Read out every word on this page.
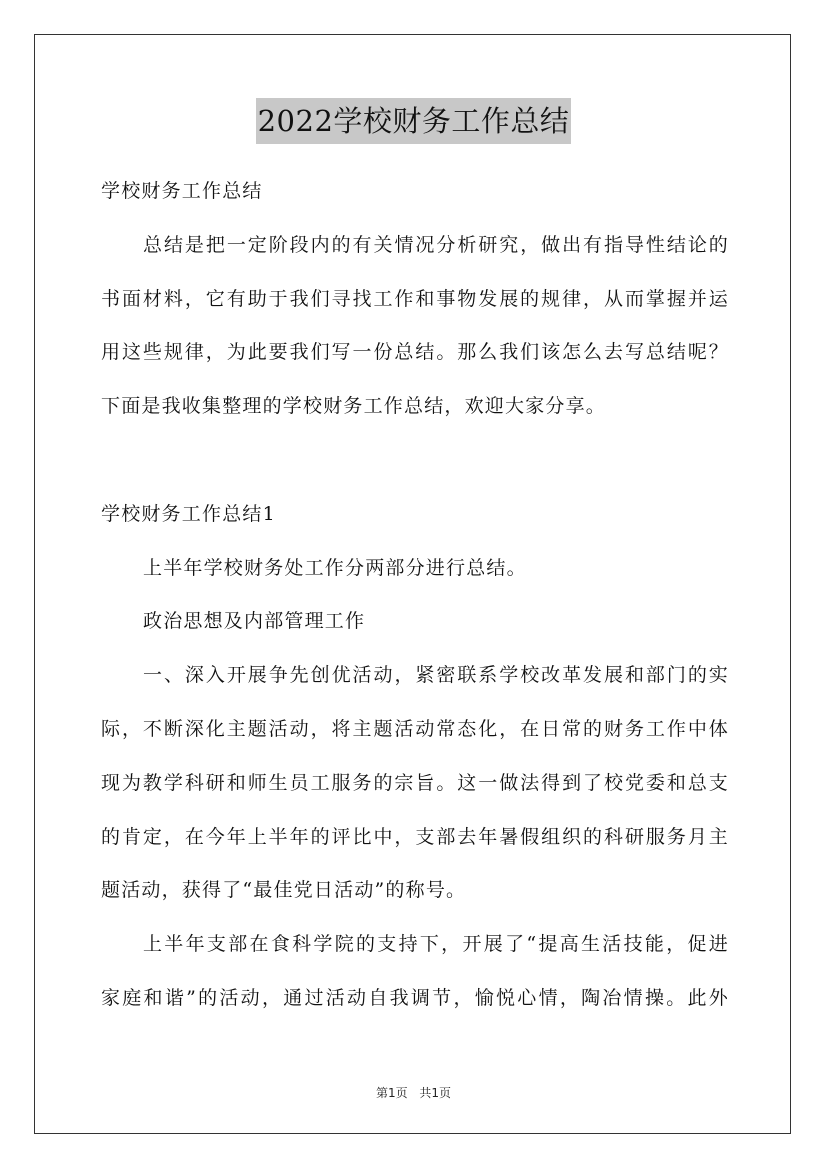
2022学校财务工作总结
学校财务工作总结
总结是把一定阶段内的有关情况分析研究，做出有指导性结论的
书面材料，它有助于我们寻找工作和事物发展的规律，从而掌握并运
用这些规律，为此要我们写一份总结。那么我们该怎么去写总结呢？
下面是我收集整理的学校财务工作总结，欢迎大家分享。
学校财务工作总结1
上半年学校财务处工作分两部分进行总结。
政治思想及内部管理工作
一、深入开展争先创优活动，紧密联系学校改革发展和部门的实
际，不断深化主题活动，将主题活动常态化，在日常的财务工作中体
现为教学科研和师生员工服务的宗旨。这一做法得到了校党委和总支
的肯定，在今年上半年的评比中，支部去年暑假组织的科研服务月主
题活动，获得了“最佳党日活动”的称号。
上半年支部在食科学院的支持下，开展了“提高生活技能，促进
家庭和谐”的活动，通过活动自我调节，愉悦心情，陶冶情操。此外
第1页 共1页
